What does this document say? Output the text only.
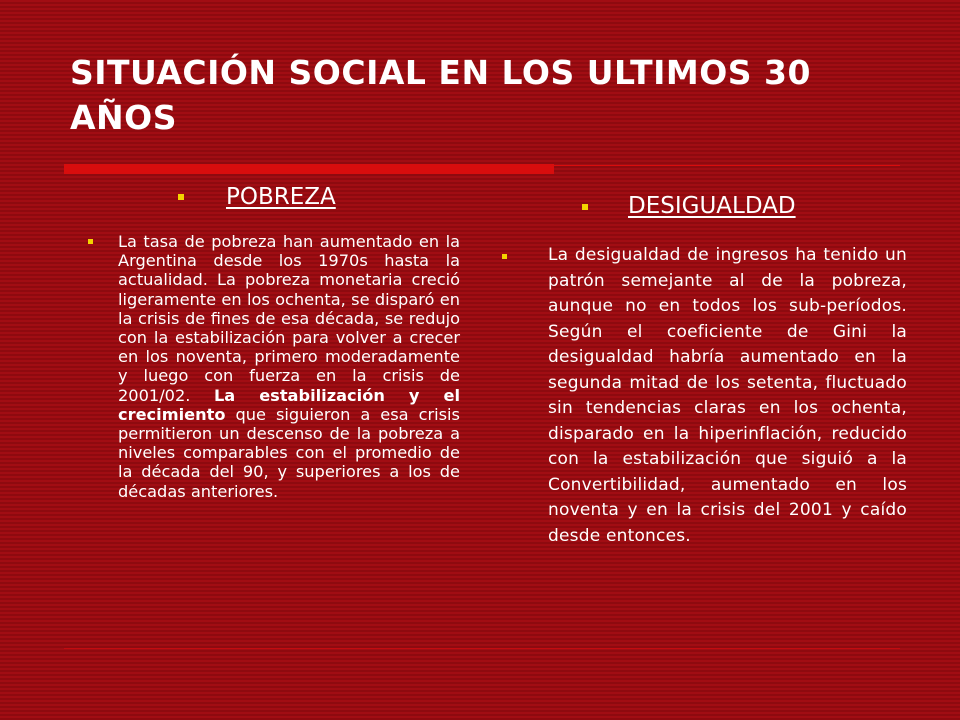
SITUACIÓN SOCIAL EN LOS ULTIMOS 30 AÑOS
POBREZA
La tasa de pobreza han aumentado en la Argentina desde los 1970s hasta la actualidad. La pobreza monetaria creció ligeramente en los ochenta, se disparó en la crisis de fines de esa década, se redujo con la estabilización para volver a crecer en los noventa, primero moderadamente y luego con fuerza en la crisis de 2001/02. La estabilización y el crecimiento que siguieron a esa crisis permitieron un descenso de la pobreza a niveles comparables con el promedio de la década del 90, y superiores a los de décadas anteriores.
DESIGUALDAD
La desigualdad de ingresos ha tenido un patrón semejante al de la pobreza, aunque no en todos los sub-períodos. Según el coeficiente de Gini la desigualdad habría aumentado en la segunda mitad de los setenta, fluctuado sin tendencias claras en los ochenta, disparado en la hiperinflación, reducido con la estabilización que siguió a la Convertibilidad, aumentado en los noventa y en la crisis del 2001 y caído desde entonces.
